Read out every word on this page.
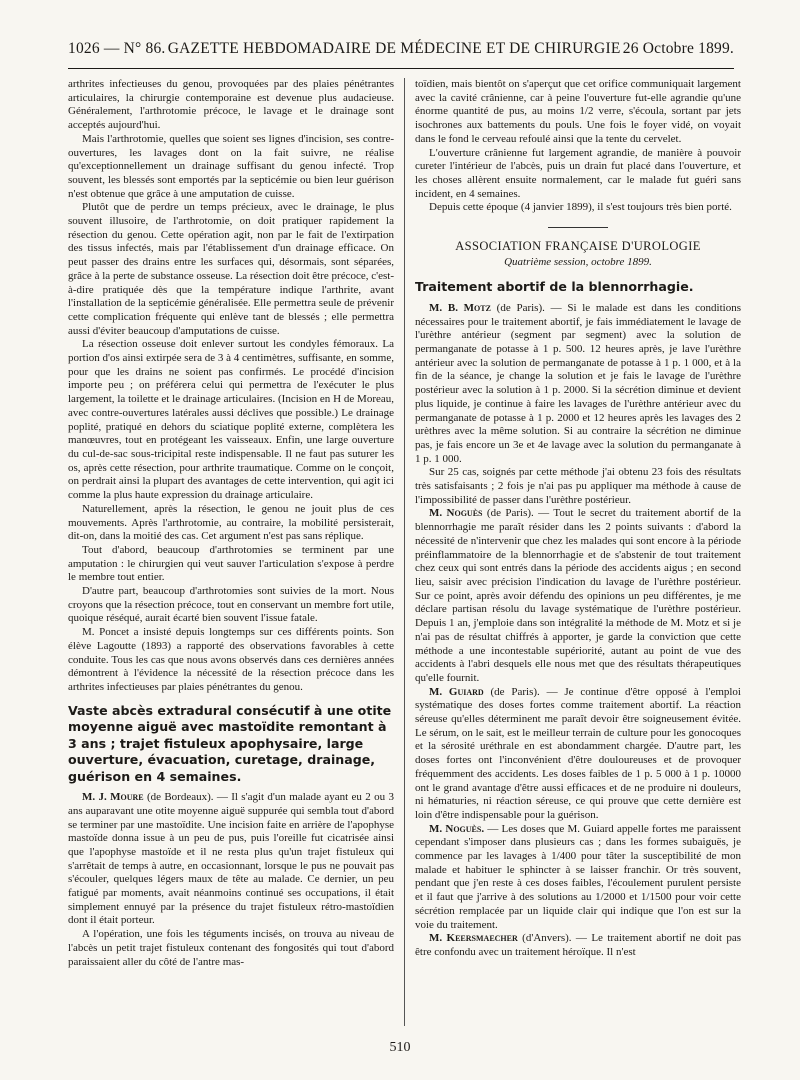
1026 — N° 86. GAZETTE HEBDOMADAIRE DE MÉDECINE ET DE CHIRURGIE 26 Octobre 1899.

arthrites infectieuses du genou, provoquées par des plaies pénétrantes articulaires, la chirurgie contemporaine est devenue plus audacieuse. Généralement, l'arthrotomie précoce, le lavage et le drainage sont acceptés aujourd'hui.

Mais l'arthrotomie, quelles que soient ses lignes d'incision, ses contre-ouvertures, les lavages dont on la fait suivre, ne réalise qu'exceptionnellement un drainage suffisant du genou infecté. Trop souvent, les blessés sont emportés par la septicémie ou bien leur guérison n'est obtenue que grâce à une amputation de cuisse.

Plutôt que de perdre un temps précieux, avec le drainage, le plus souvent illusoire, de l'arthrotomie, on doit pratiquer rapidement la résection du genou. Cette opération agit, non par le fait de l'extirpation des tissus infectés, mais par l'établissement d'un drainage efficace. On peut passer des drains entre les surfaces qui, désormais, sont séparées, grâce à la perte de substance osseuse. La résection doit être précoce, c'est-à-dire pratiquée dès que la température indique l'arthrite, avant l'installation de la septicémie généralisée. Elle permettra seule de prévenir cette complication fréquente qui enlève tant de blessés ; elle permettra aussi d'éviter beaucoup d'amputations de cuisse.

La résection osseuse doit enlever surtout les condyles fémoraux. La portion d'os ainsi extirpée sera de 3 à 4 centimètres, suffisante, en somme, pour que les drains ne soient pas confirmés. Le procédé d'incision importe peu ; on préférera celui qui permettra de l'exécuter le plus largement, la toilette et le drainage articulaires. (Incision en H de Moreau, avec contre-ouvertures latérales aussi déclives que possible.) Le drainage poplité, pratiqué en dehors du sciatique poplité externe, complètera les manœuvres, tout en protégeant les vaisseaux. Enfin, une large ouverture du cul-de-sac sous-tricipital reste indispensable. Il ne faut pas suturer les os, après cette résection, pour arthrite traumatique. Comme on le conçoit, on perdrait ainsi la plupart des avantages de cette intervention, qui agit ici comme la plus haute expression du drainage articulaire.

Naturellement, après la résection, le genou ne jouit plus de ces mouvements. Après l'arthrotomie, au contraire, la mobilité persisterait, dit-on, dans la moitié des cas. Cet argument n'est pas sans réplique.

Tout d'abord, beaucoup d'arthrotomies se terminent par une amputation : le chirurgien qui veut sauver l'articulation s'expose à perdre le membre tout entier.

D'autre part, beaucoup d'arthrotomies sont suivies de la mort. Nous croyons que la résection précoce, tout en conservant un membre fort utile, quoique réséqué, aurait écarté bien souvent l'issue fatale.

M. Poncet a insisté depuis longtemps sur ces différents points. Son élève Lagoutte (1893) a rapporté des observations favorables à cette conduite. Tous les cas que nous avons observés dans ces dernières années démontrent à l'évidence la nécessité de la résection précoce dans les arthrites infectieuses par plaies pénétrantes du genou.

Vaste abcès extradural consécutif à une otite moyenne aiguë avec mastoïdite remontant à 3 ans ; trajet fistuleux apophysaire, large ouverture, évacuation, curetage, drainage, guérison en 4 semaines.

M. J. Moure (de Bordeaux). — Il s'agit d'un malade ayant eu 2 ou 3 ans auparavant une otite moyenne aiguë suppurée qui sembla tout d'abord se terminer par une mastoïdite. Une incision faite en arrière de l'apophyse mastoïde donna issue à un peu de pus, puis l'oreille fut cicatrisée ainsi que l'apophyse mastoïde et il ne resta plus qu'un trajet fistuleux qui s'arrêtait de temps à autre, en occasionnant, lorsque le pus ne pouvait pas s'écouler, quelques légers maux de tête au malade. Ce dernier, un peu fatigué par moments, avait néanmoins continué ses occupations, il était simplement ennuyé par la présence du trajet fistuleux rétro-mastoïdien dont il était porteur.

A l'opération, une fois les téguments incisés, on trouva au niveau de l'abcès un petit trajet fistuleux contenant des fongosités qui tout d'abord paraissaient aller du côté de l'antre mas-

toïdien, mais bientôt on s'aperçut que cet orifice communiquait largement avec la cavité crânienne, car à peine l'ouverture fut-elle agrandie qu'une énorme quantité de pus, au moins 1/2 verre, s'écoula, sortant par jets isochrones aux battements du pouls. Une fois le foyer vidé, on voyait dans le fond le cerveau refoulé ainsi que la tente du cervelet.

L'ouverture crânienne fut largement agrandie, de manière à pouvoir cureter l'intérieur de l'abcès, puis un drain fut placé dans l'ouverture, et les choses allèrent ensuite normalement, car le malade fut guéri sans incident, en 4 semaines.

Depuis cette époque (4 janvier 1899), il s'est toujours très bien porté.

ASSOCIATION FRANÇAISE D'UROLOGIE
Quatrième session, octobre 1899.
Traitement abortif de la blennorrhagie.

M. B. Motz (de Paris). — Si le malade est dans les conditions nécessaires pour le traitement abortif, je fais immédiatement le lavage de l'urèthre antérieur (segment par segment) avec la solution de permanganate de potasse à 1 p. 500. 12 heures après, je lave l'urèthre antérieur avec la solution de permanganate de potasse à 1 p. 1 000, et à la fin de la séance, je change la solution et je fais le lavage de l'urèthre postérieur avec la solution à 1 p. 2000. Si la sécrétion diminue et devient plus liquide, je continue à faire les lavages de l'urèthre antérieur avec du permanganate de potasse à 1 p. 2000 et 12 heures après les lavages des 2 urèthres avec la même solution. Si au contraire la sécrétion ne diminue pas, je fais encore un 3e et 4e lavage avec la solution du permanganate à 1 p. 1 000.

Sur 25 cas, soignés par cette méthode j'ai obtenu 23 fois des résultats très satisfaisants ; 2 fois je n'ai pas pu appliquer ma méthode à cause de l'impossibilité de passer dans l'urèthre postérieur.

M. Noguès (de Paris). — Tout le secret du traitement abortif de la blennorrhagie me paraît résider dans les 2 points suivants : d'abord la nécessité de n'intervenir que chez les malades qui sont encore à la période préinflammatoire de la blennorrhagie et de s'abstenir de tout traitement chez ceux qui sont entrés dans la période des accidents aigus ; en second lieu, saisir avec précision l'indication du lavage de l'urèthre postérieur. Sur ce point, après avoir défendu des opinions un peu différentes, je me déclare partisan résolu du lavage systématique de l'urèthre postérieur. Depuis 1 an, j'emploie dans son intégralité la méthode de M. Motz et si je n'ai pas de résultat chiffrés à apporter, je garde la conviction que cette méthode a une incontestable supériorité, autant au point de vue des accidents à l'abri desquels elle nous met que des résultats thérapeutiques qu'elle fournit.

M. Guiard (de Paris). — Je continue d'être opposé à l'emploi systématique des doses fortes comme traitement abortif. La réaction séreuse qu'elles déterminent me paraît devoir être soigneusement évitée. Le sérum, on le sait, est le meilleur terrain de culture pour les gonocoques et la sérosité uréthrale en est abondamment chargée. D'autre part, les doses fortes ont l'inconvénient d'être douloureuses et de provoquer fréquemment des accidents. Les doses faibles de 1 p. 5 000 à 1 p. 10000 ont le grand avantage d'être aussi efficaces et de ne produire ni douleurs, ni hématuries, ni réaction séreuse, ce qui prouve que cette dernière est loin d'être indispensable pour la guérison.

M. Noguès. — Les doses que M. Guiard appelle fortes me paraissent cependant s'imposer dans plusieurs cas ; dans les formes subaiguës, je commence par les lavages à 1/400 pour tâter la susceptibilité de mon malade et habituer le sphincter à se laisser franchir. Or très souvent, pendant que j'en reste à ces doses faibles, l'écoulement purulent persiste et il faut que j'arrive à des solutions au 1/2000 et 1/1500 pour voir cette sécrétion remplacée par un liquide clair qui indique que l'on est sur la voie du traitement.

M. Keersmaecher (d'Anvers). — Le traitement abortif ne doit pas être confondu avec un traitement héroïque. Il n'est

510
